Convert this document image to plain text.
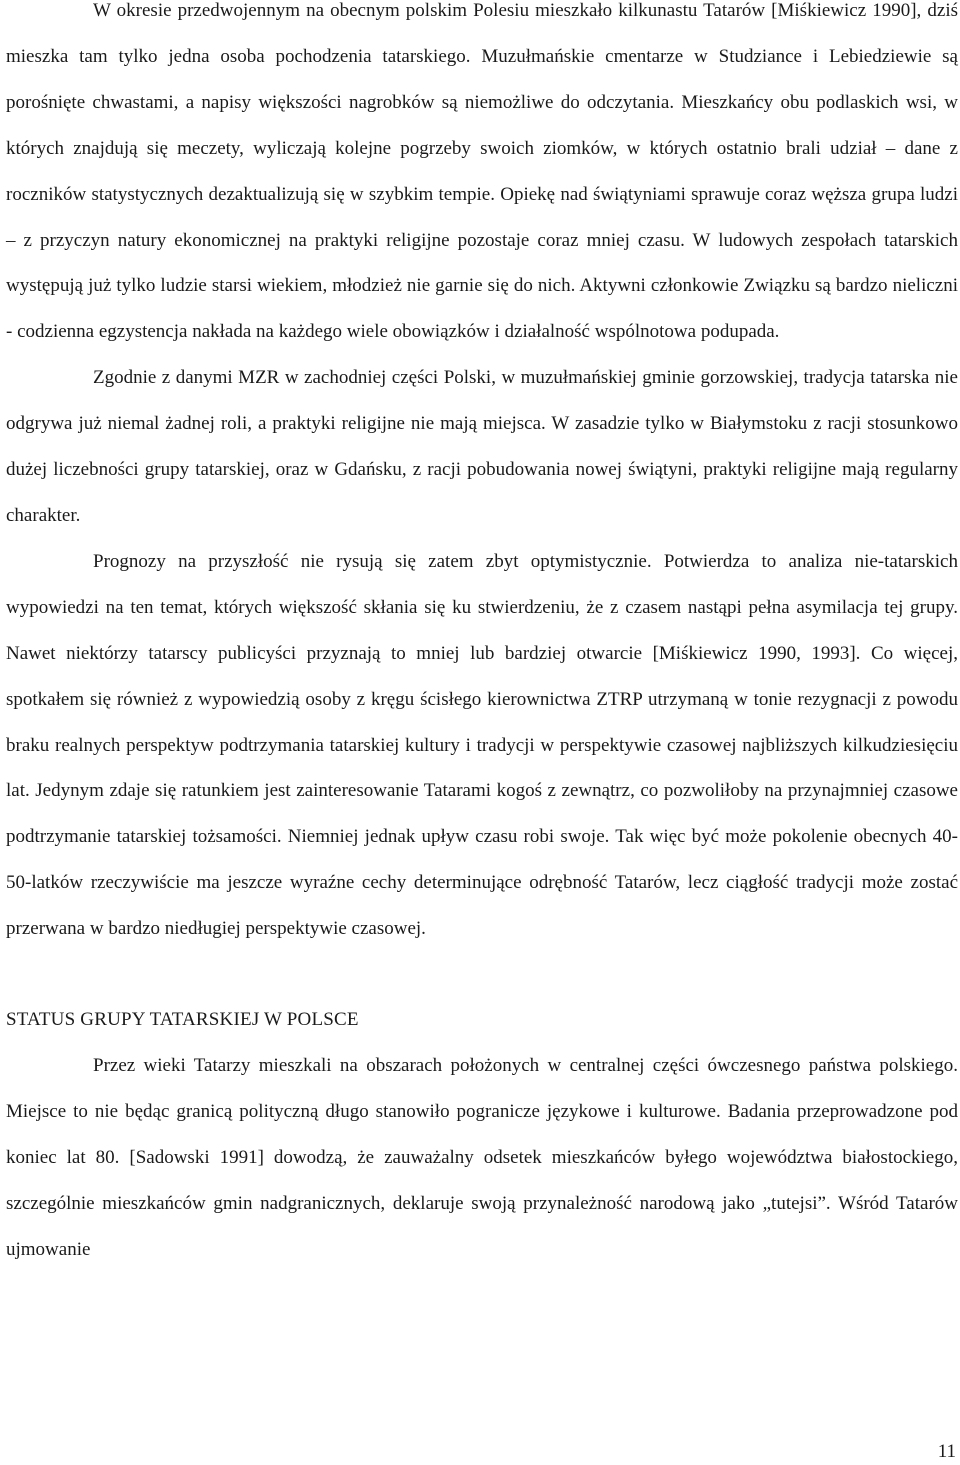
W okresie przedwojennym na obecnym polskim Polesiu mieszkało kilkunastu Tatarów [Miśkiewicz 1990], dziś mieszka tam tylko jedna osoba pochodzenia tatarskiego. Muzułmańskie cmentarze w Studziance i Lebiedziewie są porośnięte chwastami, a napisy większości nagrobków są niemożliwe do odczytania. Mieszkańcy obu podlaskich wsi, w których znajdują się meczety, wyliczają kolejne pogrzeby swoich ziomków, w których ostatnio brali udział – dane z roczników statystycznych dezaktualizują się w szybkim tempie. Opiekę nad świątyniami sprawuje coraz węższa grupa ludzi – z przyczyn natury ekonomicznej na praktyki religijne pozostaje coraz mniej czasu. W ludowych zespołach tatarskich występują już tylko ludzie starsi wiekiem, młodzież nie garnie się do nich. Aktywni członkowie Związku są bardzo nieliczni - codzienna egzystencja nakłada na każdego wiele obowiązków i działalność wspólnotowa podupada.

Zgodnie z danymi MZR w zachodniej części Polski, w muzułmańskiej gminie gorzowskiej, tradycja tatarska nie odgrywa już niemal żadnej roli, a praktyki religijne nie mają miejsca. W zasadzie tylko w Białymstoku z racji stosunkowo dużej liczebności grupy tatarskiej, oraz w Gdańsku, z racji pobudowania nowej świątyni, praktyki religijne mają regularny charakter.

Prognozy na przyszłość nie rysują się zatem zbyt optymistycznie. Potwierdza to analiza nie-tatarskich wypowiedzi na ten temat, których większość skłania się ku stwierdzeniu, że z czasem nastąpi pełna asymilacja tej grupy. Nawet niektórzy tatarscy publicyści przyznają to mniej lub bardziej otwarcie [Miśkiewicz 1990, 1993]. Co więcej, spotkałem się również z wypowiedzią osoby z kręgu ścisłego kierownictwa ZTRP utrzymaną w tonie rezygnacji z powodu braku realnych perspektyw podtrzymania tatarskiej kultury i tradycji w perspektywie czasowej najbliższych kilkudziesięciu lat. Jedynym zdaje się ratunkiem jest zainteresowanie Tatarami kogoś z zewnątrz, co pozwoliłoby na przynajmniej czasowe podtrzymanie tatarskiej tożsamości. Niemniej jednak upływ czasu robi swoje. Tak więc być może pokolenie obecnych 40-50-latków rzeczywiście ma jeszcze wyraźne cechy determinujące odrębność Tatarów, lecz ciągłość tradycji może zostać przerwana w bardzo niedługiej perspektywie czasowej.

STATUS GRUPY TATARSKIEJ W POLSCE

Przez wieki Tatarzy mieszkali na obszarach położonych w centralnej części ówczesnego państwa polskiego. Miejsce to nie będąc granicą polityczną długo stanowiło pogranicze językowe i kulturowe. Badania przeprowadzone pod koniec lat 80. [Sadowski 1991] dowodzą, że zauważalny odsetek mieszkańców byłego województwa białostockiego, szczególnie mieszkańców gmin nadgranicznych, deklaruje swoją przynależność narodową jako „tutejsi”. Wśród Tatarów ujmowanie

11
